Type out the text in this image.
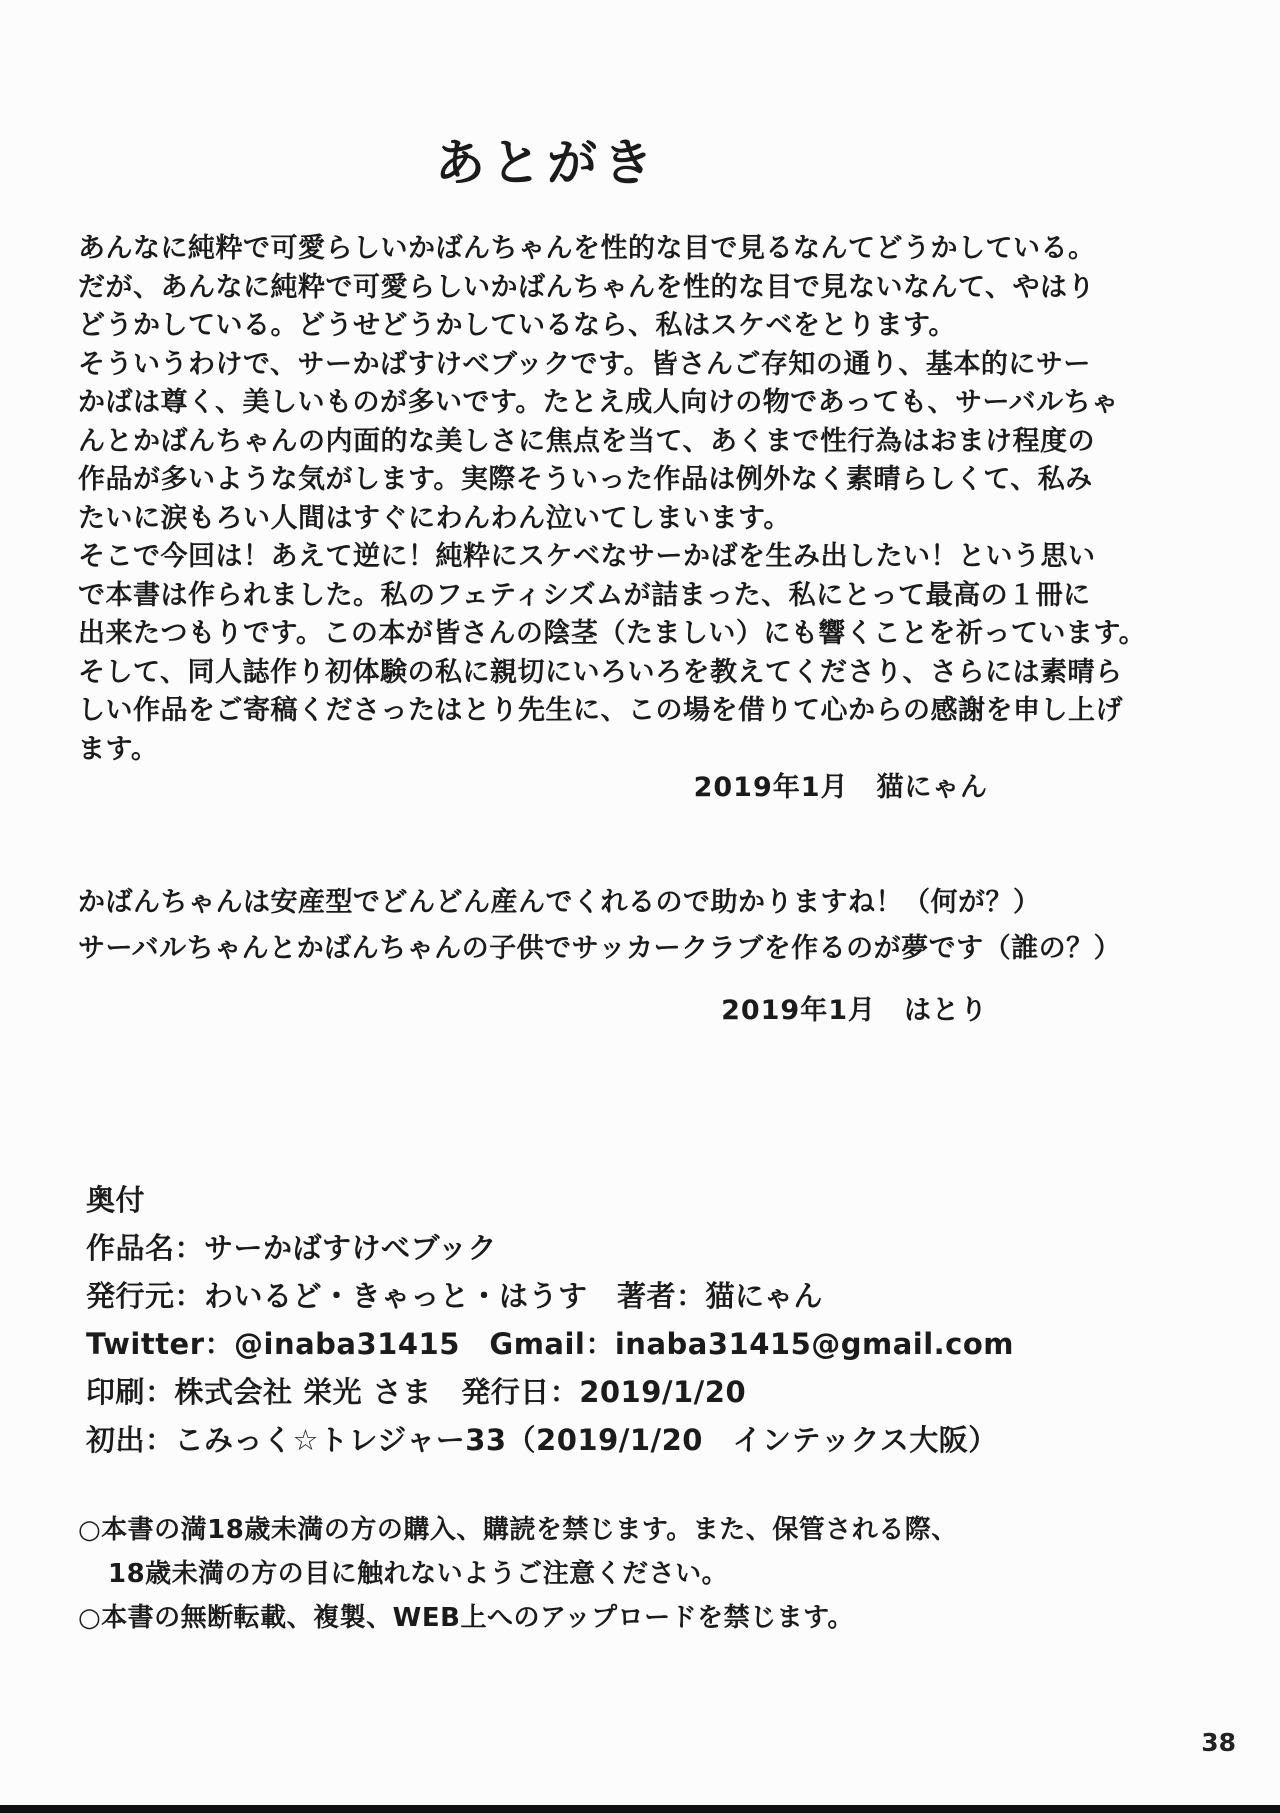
あとがき
あんなに純粋で可愛らしいかばんちゃんを性的な目で見るなんてどうかしている。
だが、あんなに純粋で可愛らしいかばんちゃんを性的な目で見ないなんて、やはり
どうかしている。どうせどうかしているなら、私はスケベをとります。
そういうわけで、サーかばすけべブックです。皆さんご存知の通り、基本的にサー
かばは尊く、美しいものが多いです。たとえ成人向けの物であっても、サーバルちゃ
んとかばんちゃんの内面的な美しさに焦点を当て、あくまで性行為はおまけ程度の
作品が多いような気がします。実際そういった作品は例外なく素晴らしくて、私み
たいに涙もろい人間はすぐにわんわん泣いてしまいます。
そこで今回は！あえて逆に！純粋にスケベなサーかばを生み出したい！という思い
で本書は作られました。私のフェティシズムが詰まった、私にとって最高の１冊に
出来たつもりです。この本が皆さんの陰茎（たましい）にも響くことを祈っています。
そして、同人誌作り初体験の私に親切にいろいろを教えてくださり、さらには素晴ら
しい作品をご寄稿くださったはとり先生に、この場を借りて心からの感謝を申し上げ
ます。
2019年1月　猫にゃん
かばんちゃんは安産型でどんどん産んでくれるので助かりますね！（何が？）
サーバルちゃんとかばんちゃんの子供でサッカークラブを作るのが夢です（誰の？）
2019年1月　はとり
奥付
作品名：サーかばすけべブック
発行元：わいるど・きゃっと・はうす　著者：猫にゃん
Twitter：@inaba31415　Gmail：inaba31415@gmail.com
印刷：株式会社 栄光 さま　発行日：2019/1/20
初出：こみっく☆トレジャー33（2019/1/20　インテックス大阪）
○本書の満18歳未満の方の購入、購読を禁じます。また、保管される際、
18歳未満の方の目に触れないようご注意ください。
○本書の無断転載、複製、WEB上へのアップロードを禁じます。
38
